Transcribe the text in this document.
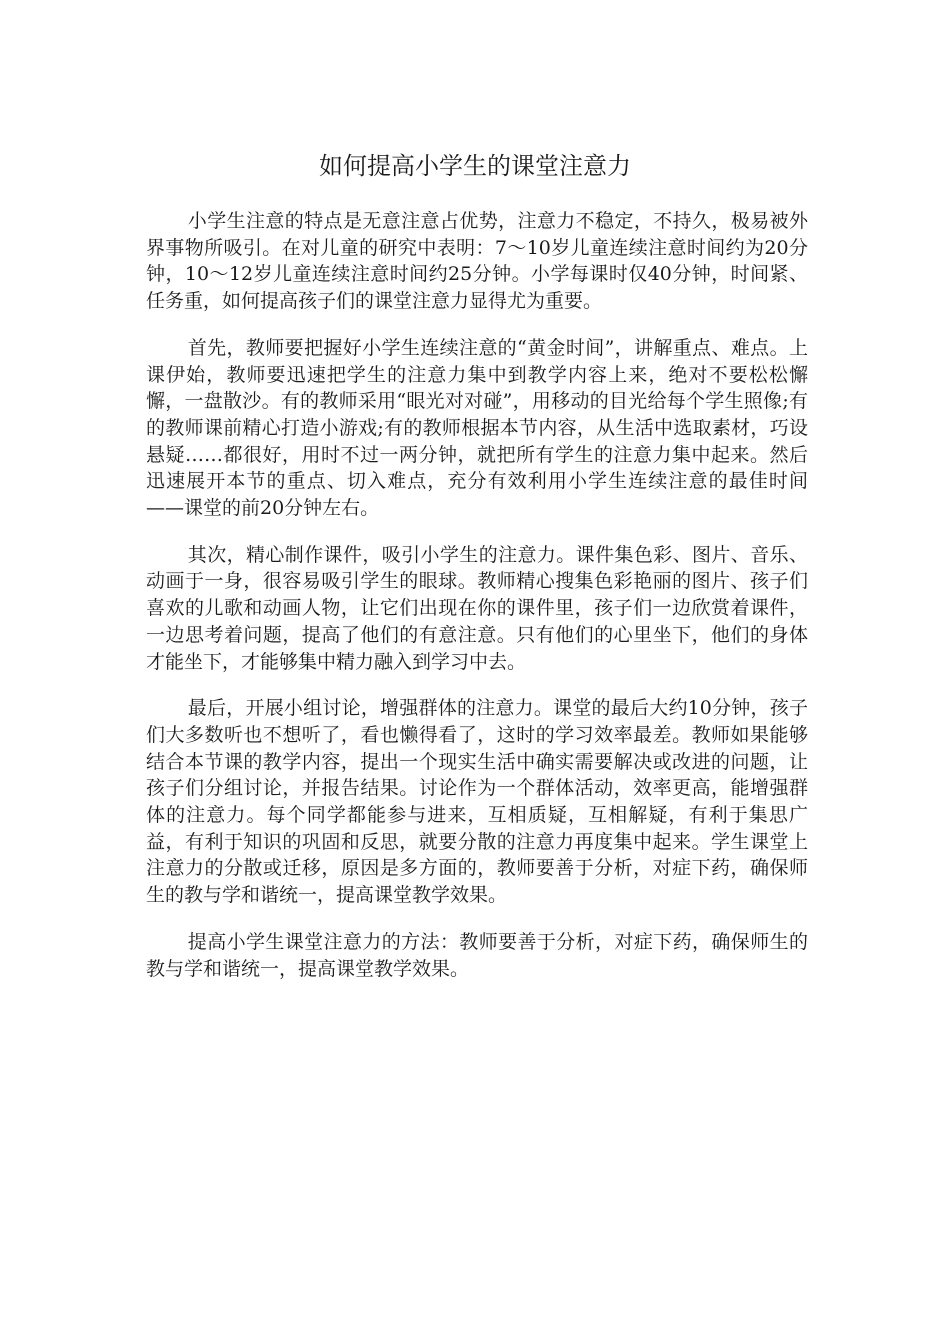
如何提高小学生的课堂注意力

小学生注意的特点是无意注意占优势，注意力不稳定，不持久，极易被外界事物所吸引。在对儿童的研究中表明：7～10岁儿童连续注意时间约为20分钟，10～12岁儿童连续注意时间约25分钟。小学每课时仅40分钟，时间紧、任务重，如何提高孩子们的课堂注意力显得尤为重要。

首先，教师要把握好小学生连续注意的“黄金时间”，讲解重点、难点。上课伊始，教师要迅速把学生的注意力集中到教学内容上来，绝对不要松松懈懈，一盘散沙。有的教师采用“眼光对对碰”，用移动的目光给每个学生照像;有的教师课前精心打造小游戏;有的教师根据本节内容，从生活中选取素材，巧设悬疑……都很好，用时不过一两分钟，就把所有学生的注意力集中起来。然后迅速展开本节的重点、切入难点，充分有效利用小学生连续注意的最佳时间——课堂的前20分钟左右。

其次，精心制作课件，吸引小学生的注意力。课件集色彩、图片、音乐、动画于一身，很容易吸引学生的眼球。教师精心搜集色彩艳丽的图片、孩子们喜欢的儿歌和动画人物，让它们出现在你的课件里，孩子们一边欣赏着课件，一边思考着问题，提高了他们的有意注意。只有他们的心里坐下，他们的身体才能坐下，才能够集中精力融入到学习中去。

最后，开展小组讨论，增强群体的注意力。课堂的最后大约10分钟，孩子们大多数听也不想听了，看也懒得看了，这时的学习效率最差。教师如果能够结合本节课的教学内容，提出一个现实生活中确实需要解决或改进的问题，让孩子们分组讨论，并报告结果。讨论作为一个群体活动，效率更高，能增强群体的注意力。每个同学都能参与进来，互相质疑，互相解疑，有利于集思广益，有利于知识的巩固和反思，就要分散的注意力再度集中起来。学生课堂上注意力的分散或迁移，原因是多方面的，教师要善于分析，对症下药，确保师生的教与学和谐统一，提高课堂教学效果。

提高小学生课堂注意力的方法：教师要善于分析，对症下药，确保师生的教与学和谐统一，提高课堂教学效果。
